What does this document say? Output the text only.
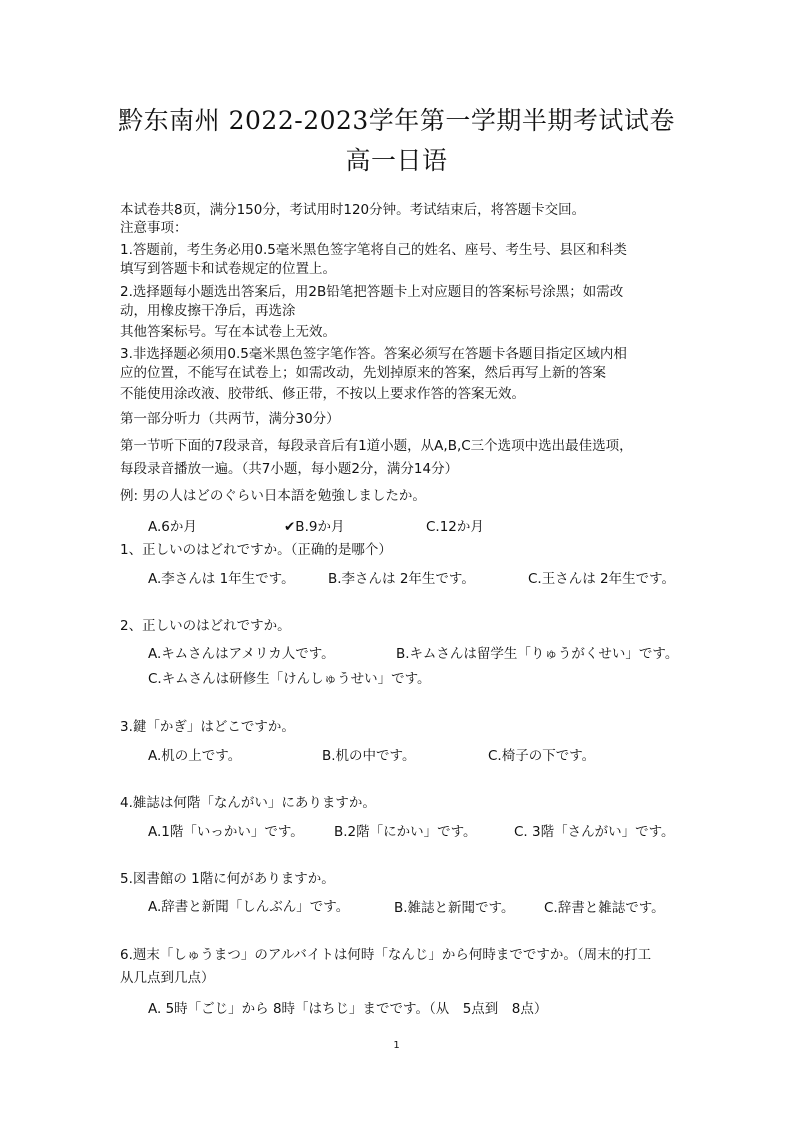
黔东南州 2022-2023学年第一学期半期考试试卷
高一日语
本试卷共8页，满分150分，考试用时120分钟。考试结束后，将答题卡交回。
注意事项：
1.答题前，考生务必用0.5毫米黑色签字笔将自己的姓名、座号、考生号、县区和科类
填写到答题卡和试卷规定的位置上。
2.选择题每小题选出答案后，用2B铅笔把答题卡上对应题目的答案标号涂黑；如需改
动，用橡皮擦干净后，再选涂
其他答案标号。写在本试卷上无效。
3.非选择题必须用0.5毫米黑色签字笔作答。答案必须写在答题卡各题目指定区域内相
应的位置，不能写在试卷上；如需改动，先划掉原来的答案，然后再写上新的答案
不能使用涂改液、胶带纸、修正带，不按以上要求作答的答案无效。
第一部分听力（共两节，满分30分）
第一节听下面的7段录音，每段录音后有1道小题，从A,B,C三个选项中选出最佳选项，
每段录音播放一遍。（共7小题，每小题2分，满分14分）
例: 男の人はどのぐらい日本語を勉強しましたか。
A.6か月	✔B.9か月	C.12か月
1、正しいのはどれですか。（正确的是哪个）
A.李さんは 1年生です。 B.李さんは 2年生です。	C.王さんは 2年生です。
2、正しいのはどれですか。
A.キムさんはアメリカ人です。	B.キムさんは留学生「りゅうがくせい」です。
C.キムさんは研修生「けんしゅうせい」です。
3.鍵「かぎ」はどこですか。
A.机の上です。	B.机の中です。	C.椅子の下です。
4.雑誌は何階「なんがい」にありますか。
A.1階「いっかい」です。 B.2階「にかい」です。	C. 3階「さんがい」です。
5.図書館の 1階に何がありますか。
A.辞書と新聞「しんぶん」です。	B.雑誌と新聞です。 C.辞書と雑誌です。
6.週末「しゅうまつ」のアルバイトは何時「なんじ」から何時までですか。（周末的打工
从几点到几点）
A. 5時「ごじ」から 8時「はちじ」までです。（从　5点到　8点）
1
